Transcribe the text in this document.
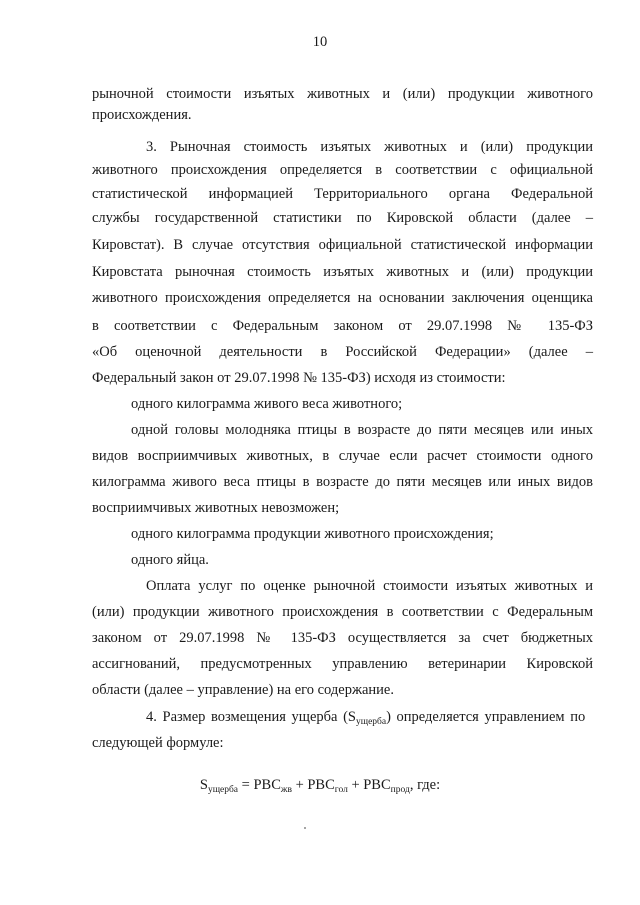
10
рыночной стоимости изъятых животных и (или) продукции животного
происхождения.
3. Рыночная стоимость изъятых животных и (или) продукции
животного происхождения определяется в соответствии с официальной
статистической информацией Территориального органа Федеральной
службы государственной статистики по Кировской области (далее –
Кировстат). В случае отсутствия официальной статистической информации
Кировстата рыночная стоимость изъятых животных и (или) продукции
животного происхождения определяется на основании заключения оценщика
в соответствии с Федеральным законом от 29.07.1998 № 135-ФЗ
«Об оценочной деятельности в Российской Федерации» (далее –
Федеральный закон от 29.07.1998 № 135-ФЗ) исходя из стоимости:
одного килограмма живого веса животного;
одной головы молодняка птицы в возрасте до пяти месяцев или иных
видов восприимчивых животных, в случае если расчет стоимости одного
килограмма живого веса птицы в возрасте до пяти месяцев или иных видов
восприимчивых животных невозможен;
одного килограмма продукции животного происхождения;
одного яйца.
Оплата услуг по оценке рыночной стоимости изъятых животных и
(или) продукции животного происхождения в соответствии с Федеральным
законом от 29.07.1998 № 135-ФЗ осуществляется за счет бюджетных
ассигнований, предусмотренных управлению ветеринарии Кировской
области (далее – управление) на его содержание.
4. Размер возмещения ущерба $(S_{ущерба})$ определяется управлением по
следующей формуле:
$S_{ущерба} = РВС_{жв} + РВС_{гол} + РВС_{прод}$, где:
